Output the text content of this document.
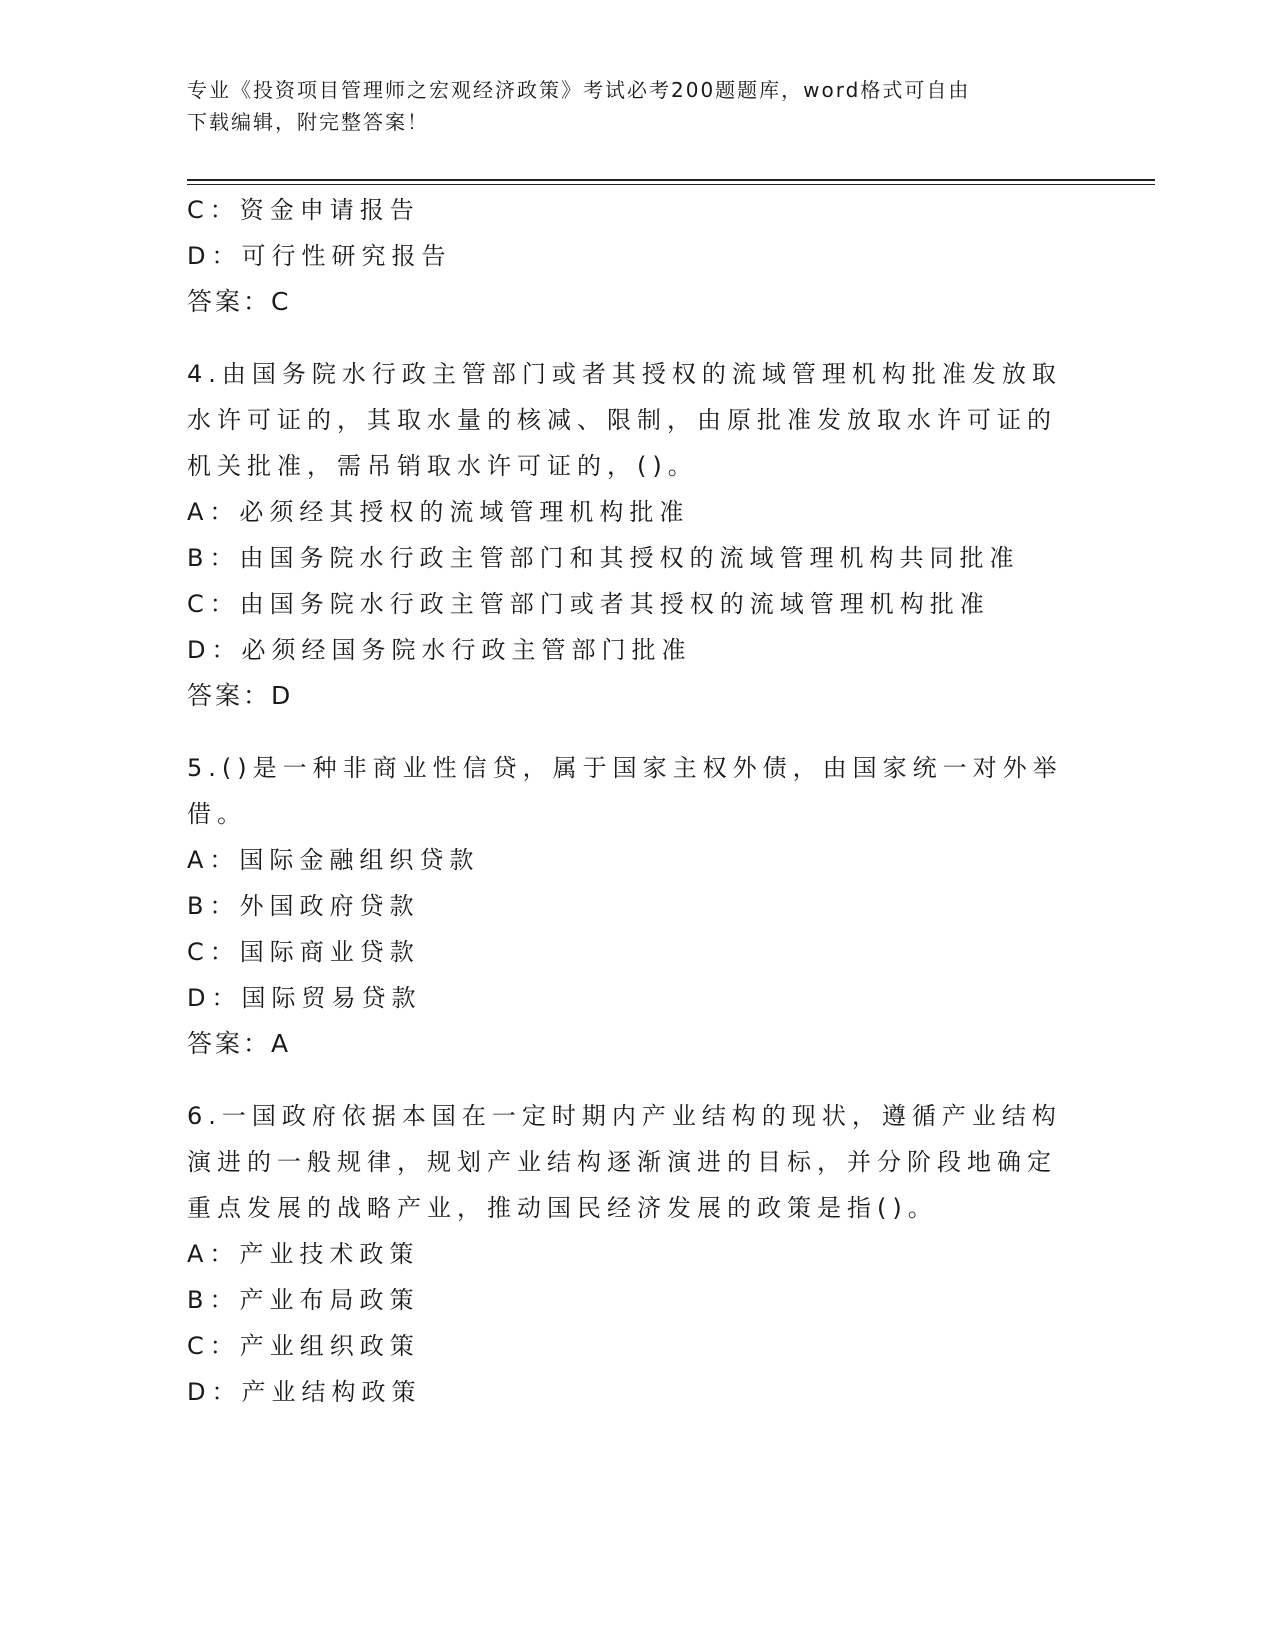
专业《投资项目管理师之宏观经济政策》考试必考200题题库，word格式可自由
下载编辑，附完整答案！
C：资金申请报告
D：可行性研究报告
答案：C
4.由国务院水行政主管部门或者其授权的流域管理机构批准发放取水许可证的，其取水量的核减、限制，由原批准发放取水许可证的机关批准，需吊销取水许可证的，()。
A：必须经其授权的流域管理机构批准
B：由国务院水行政主管部门和其授权的流域管理机构共同批准
C：由国务院水行政主管部门或者其授权的流域管理机构批准
D：必须经国务院水行政主管部门批准
答案：D
5.()是一种非商业性信贷，属于国家主权外债，由国家统一对外举借。
A：国际金融组织贷款
B：外国政府贷款
C：国际商业贷款
D：国际贸易贷款
答案：A
6.一国政府依据本国在一定时期内产业结构的现状，遵循产业结构演进的一般规律，规划产业结构逐渐演进的目标，并分阶段地确定重点发展的战略产业，推动国民经济发展的政策是指()。
A：产业技术政策
B：产业布局政策
C：产业组织政策
D：产业结构政策
